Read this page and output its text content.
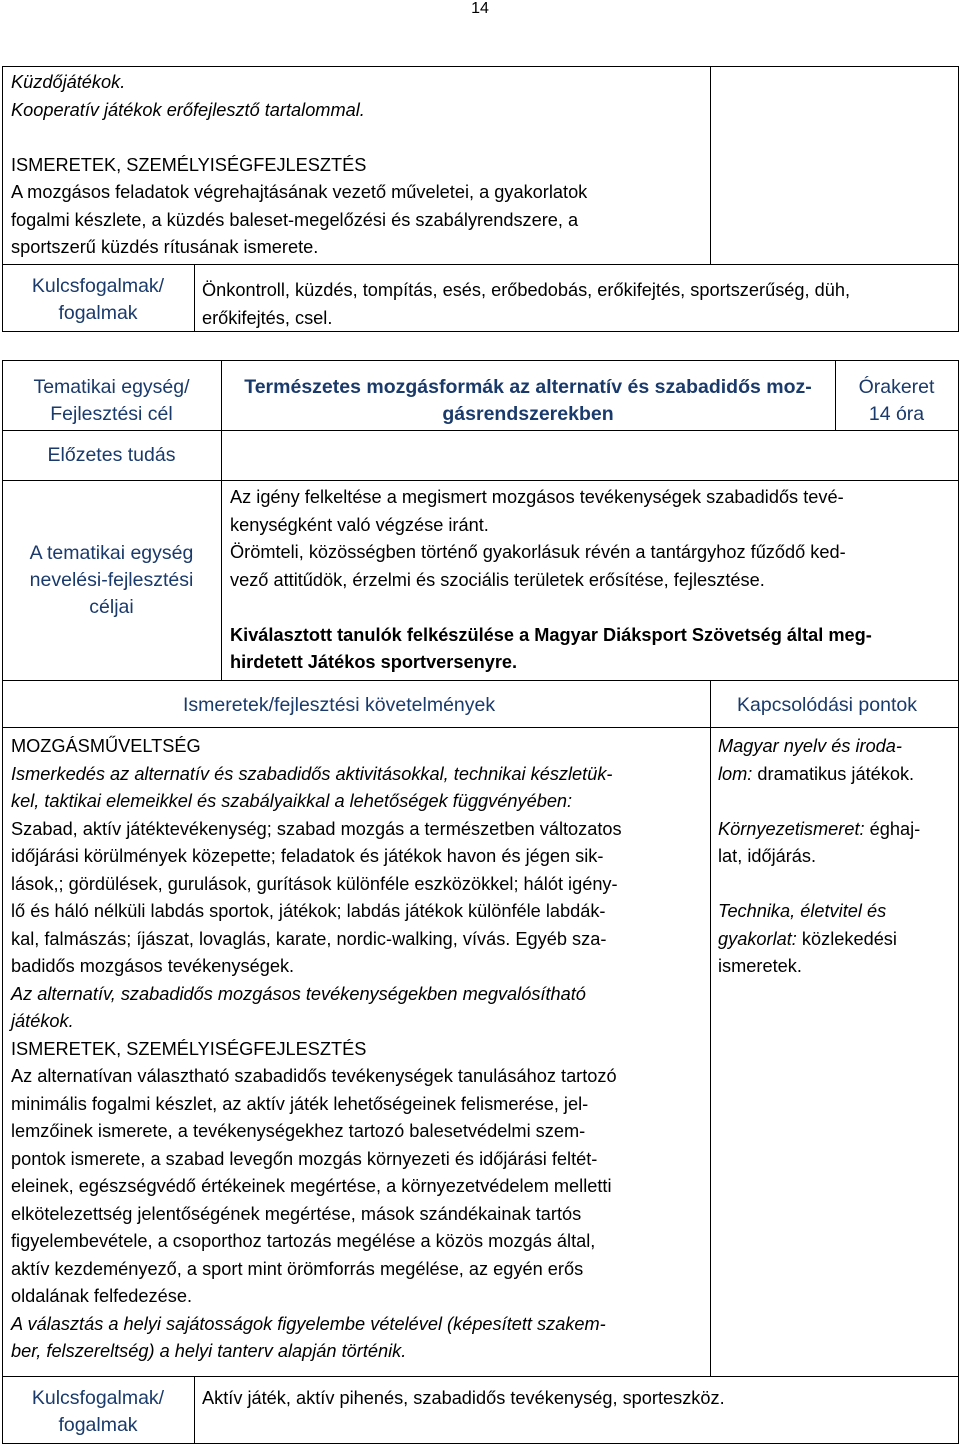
14
Küzdőjátékok.
Kooperatív játékok erőfejlesztő tartalommal.

ISMERETEK, SZEMÉLYISÉGFEJLESZTÉS
A mozgásos feladatok végrehajtásának vezető műveletei, a gyakorlatok
fogalmi készlete, a küzdés baleset-megelőzési és szabályrendszere, a
sportszerű küzdés rítusának ismerete.
Kulcsfogalmak/
fogalmak
Önkontroll, küzdés, tompítás, esés, erőbedobás, erőkifejtés, sportszerűség, düh,
erőkifejtés, csel.
Tematikai egység/
Fejlesztési cél
Természetes mozgásformák az alternatív és szabadidős moz-
gásrendszerekben
Órakeret
14 óra
Előzetes tudás
A tematikai egység
nevelési-fejlesztési
céljai
Az igény felkeltése a megismert mozgásos tevékenységek szabadidős tevé-
kenységként való végzése iránt.
Örömteli, közösségben történő gyakorlásuk révén a tantárgyhoz fűződő ked-
vező attitűdök, érzelmi és szociális területek erősítése, fejlesztése.

Kiválasztott tanulók felkészülése a Magyar Diáksport Szövetség által meg-
hirdetett Játékos sportversenyre.
Ismeretek/fejlesztési követelmények	Kapcsolódási pontok
MOZGÁSMŰVELTSÉG
Ismerkedés az alternatív és szabadidős aktivitásokkal, technikai készletük-
kel, taktikai elemeikkel és szabályaikkal a lehetőségek függvényében:
Szabad, aktív játéktevékenység; szabad mozgás a természetben változatos
időjárási körülmények közepette; feladatok és játékok havon és jégen sik-
lások,; gördülések, gurulások, gurítások különféle eszközökkel; hálót igény-
lő és háló nélküli labdás sportok, játékok; labdás játékok különféle labdák-
kal, falmászás; íjászat, lovaglás, karate, nordic-walking, vívás. Egyéb sza-
badidős mozgásos tevékenységek.
Az alternatív, szabadidős mozgásos tevékenységekben megvalósítható
játékok.
ISMERETEK, SZEMÉLYISÉGFEJLESZTÉS
Az alternatívan választható szabadidős tevékenységek tanulásához tartozó
minimális fogalmi készlet, az aktív játék lehetőségeinek felismerése, jel-
lemzőinek ismerete, a tevékenységekhez tartozó balesetvédelmi szem-
pontok ismerete, a szabad levegőn mozgás környezeti és időjárási feltét-
eleinek, egészségvédő értékeinek megértése, a környezetvédelem melletti
elkötelezettség jelentőségének megértése, mások szándékainak tartós
figyelembevétele, a csoporthoz tartozás megélése a közös mozgás által,
aktív kezdeményező, a sport mint örömforrás megélése, az egyén erős
oldalának felfedezése.
A választás a helyi sajátosságok figyelembe vételével (képesített szakem-
ber, felszereltség) a helyi tanterv alapján történik.
Magyar nyelv és iroda-
lom: dramatikus játékok.

Környezetismeret: éghaj-
lat, időjárás.

Technika, életvitel és
gyakorlat: közlekedési
ismeretek.
Kulcsfogalmak/
fogalmak
Aktív játék, aktív pihenés, szabadidős tevékenység, sporteszköz.
